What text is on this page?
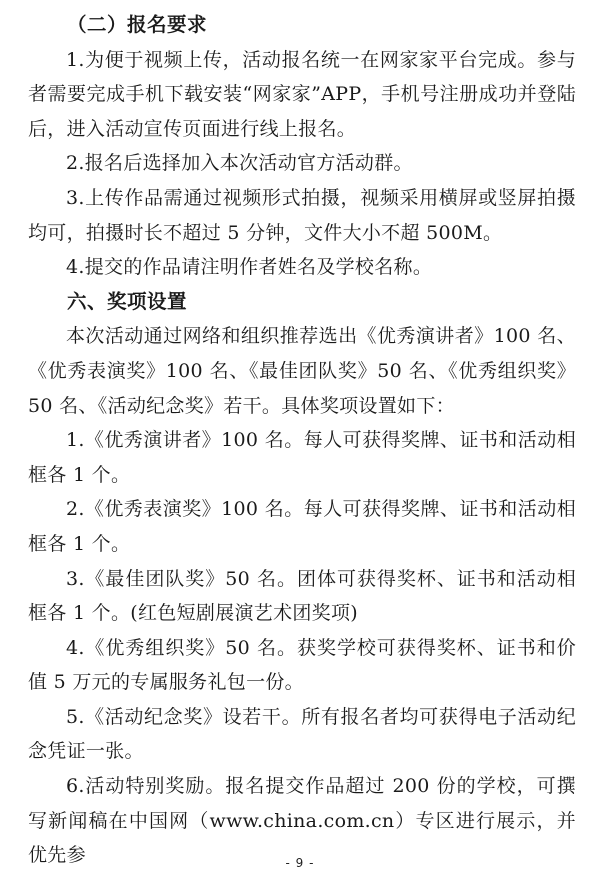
（二）报名要求

1.为便于视频上传，活动报名统一在网家家平台完成。参与者需要完成手机下载安装“网家家”APP，手机号注册成功并登陆后，进入活动宣传页面进行线上报名。

2.报名后选择加入本次活动官方活动群。

3.上传作品需通过视频形式拍摄，视频采用横屏或竖屏拍摄均可，拍摄时长不超过 5 分钟，文件大小不超 500M。

4.提交的作品请注明作者姓名及学校名称。

六、奖项设置

本次活动通过网络和组织推荐选出《优秀演讲者》100 名、《优秀表演奖》100 名、《最佳团队奖》50 名、《优秀组织奖》50 名、《活动纪念奖》若干。具体奖项设置如下：

1.《优秀演讲者》100 名。每人可获得奖牌、证书和活动相框各 1 个。

2.《优秀表演奖》100 名。每人可获得奖牌、证书和活动相框各 1 个。

3.《最佳团队奖》50 名。团体可获得奖杯、证书和活动相框各 1 个。(红色短剧展演艺术团奖项)

4.《优秀组织奖》50 名。获奖学校可获得奖杯、证书和价值 5 万元的专属服务礼包一份。

5.《活动纪念奖》设若干。所有报名者均可获得电子活动纪念凭证一张。

6.活动特别奖励。报名提交作品超过 200 份的学校，可撰写新闻稿在中国网（www.china.com.cn）专区进行展示，并优先参	- 9 -
